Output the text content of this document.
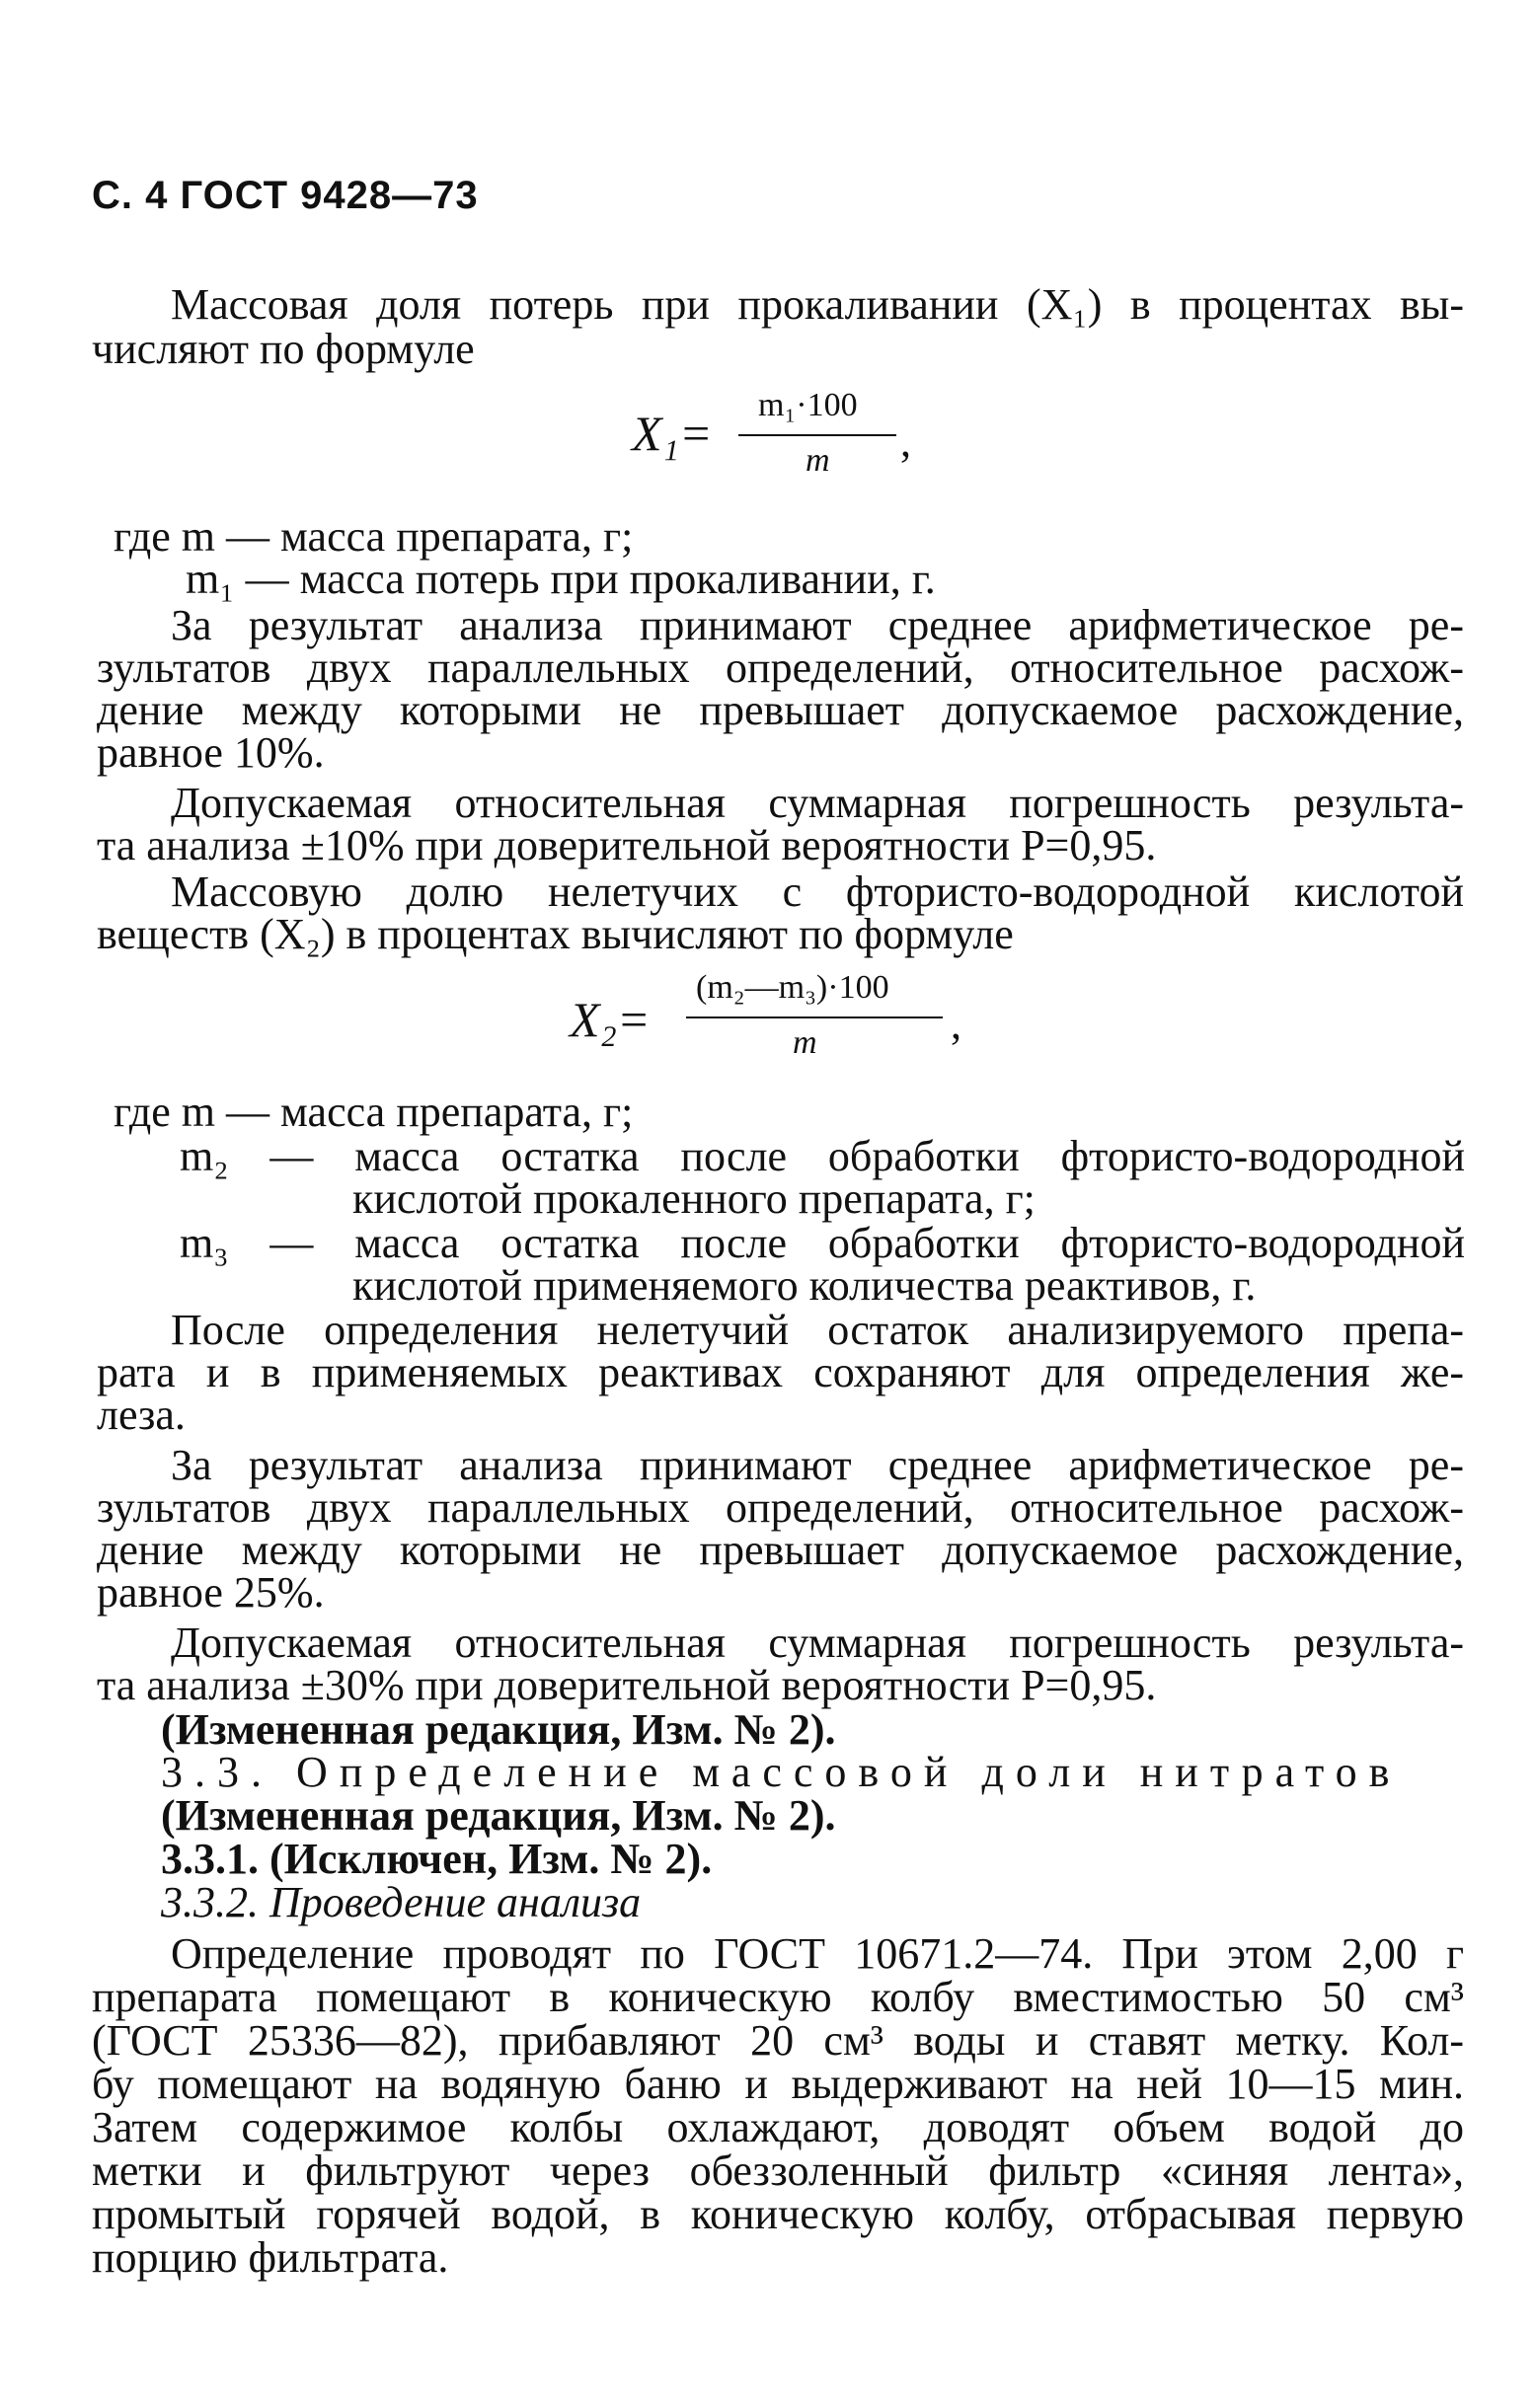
С. 4 ГОСТ 9428—73
Массовая доля потерь при прокаливании (X₁) в процентах вы-
числяют по формуле
X₁=
m₁·100
m ,
где m — масса препарата, г;
m₁ — масса потерь при прокаливании, г.
За результат анализа принимают среднее арифметическое ре-
зультатов двух параллельных определений, относительное расхож-
дение между которыми не превышает допускаемое расхождение,
равное 10%.
Допускаемая относительная суммарная погрешность результа-
та анализа ±10% при доверительной вероятности P=0,95.
Массовую долю нелетучих с фтористо-водородной кислотой
веществ (X₂) в процентах вычисляют по формуле
X₂=
(m₂—m₃)·100
m	,
где m — масса препарата, г;
m₂ — масса остатка после обработки фтористо-водородной
кислотой прокаленного препарата, г;
m₃ — масса остатка после обработки фтористо-водородной
кислотой применяемого количества реактивов, г.
После определения нелетучий остаток анализируемого препа-
рата и в применяемых реактивах сохраняют для определения же-
леза.
За результат анализа принимают среднее арифметическое ре-
зультатов двух параллельных определений, относительное расхож-
дение между которыми не превышает допускаемое расхождение,
равное 25%.
Допускаемая относительная суммарная погрешность результа-
та анализа ±30% при доверительной вероятности P=0,95.
(Измененная редакция, Изм. № 2).
3.3. Определение массовой доли нитратов
(Измененная редакция, Изм. № 2).
3.3.1. (Исключен, Изм. № 2).
3.3.2. Проведение анализа
Определение проводят по ГОСТ 10671.2—74. При этом 2,00 г
препарата помещают в коническую колбу вместимостью 50 см³
(ГОСТ 25336—82), прибавляют 20 см³ воды и ставят метку. Кол-
бу помещают на водяную баню и выдерживают на ней 10—15 мин.
Затем содержимое колбы охлаждают, доводят объем водой до
метки и фильтруют через обеззоленный фильтр «синяя лента»,
промытый горячей водой, в коническую колбу, отбрасывая первую
порцию фильтрата.
